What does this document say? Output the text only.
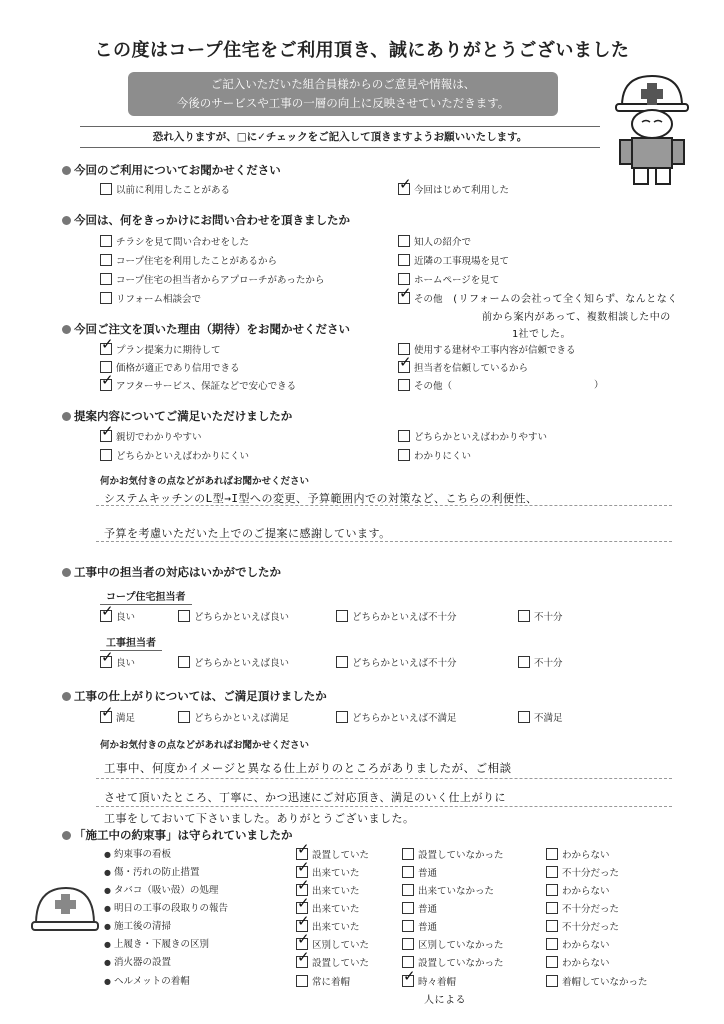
この度はコープ住宅をご利用頂き、誠にありがとうございました
ご記入いただいた組合員様からのご意見や情報は、
今後のサービスや工事の一層の向上に反映させていただきます。
恐れ入りますが、□に✓チェックをご記入して頂きますようお願いいたします。
今回のご利用についてお聞かせください
以前に利用したことがある ✓	今回はじめて利用した
今回は、何をきっかけにお問い合わせを頂きましたか
チラシを見て問い合わせをした	知人の紹介で
コープ住宅を利用したことがあるから	近隣の工事現場を見て
コープ住宅の担当者からアプローチがあったから	ホームページを見て
リフォーム相談会で ✓	その他 (リフォームの会社って全く知らず、なんとなく
前から案内があって、複数相談した中の
1社でした。
今回ご注文を頂いた理由（期待）をお聞かせください
✓プラン提案力に期待して	使用する建材や工事内容が信頼できる
価格が適正であり信用できる ✓	担当者を信頼しているから
✓アフターサービス、保証などで安心できる	その他（	）
提案内容についてご満足いただけましたか
✓親切でわかりやすい	どちらかといえばわかりやすい
どちらかといえばわかりにくい	わかりにくい
何かお気付きの点などがあればお聞かせください
システムキッチンのL型→I型への変更、予算範囲内での対策など、こちらの利便性、
予算を考慮いただいた上でのご提案に感謝しています。
工事中の担当者の対応はいかがでしたか
コープ住宅担当者
✓良い	どちらかといえば良い	どちらかといえば不十分	不十分
工事担当者
✓良い	どちらかといえば良い	どちらかといえば不十分	不十分
工事の仕上がりについては、ご満足頂けましたか
✓満足	どちらかといえば満足	どちらかといえば不満足	不満足
何かお気付きの点などがあればお聞かせください
工事中、何度かイメージと異なる仕上がりのところがありましたが、ご相談
させて頂いたところ、丁寧に、かつ迅速にご対応頂き、満足のいく仕上がりに
工事をしておいて下さいました。ありがとうございました。
「施工中の約束事」は守られていましたか
● 約束事の看板 ✓	設置していた	設置していなかった	わからない
● 傷・汚れの防止措置 ✓	出来ていた	普通	不十分だった
● タバコ（吸い殻）の処理 ✓	出来ていた	出来ていなかった	わからない
● 明日の工事の段取りの報告 ✓	出来ていた	普通	不十分だった
● 施工後の清掃 ✓	出来ていた	普通	不十分だった
● 上履き・下履きの区別 ✓	区別していた	区別していなかった	わからない
● 消火器の設置 ✓	設置していた	設置していなかった	わからない
● ヘルメットの着帽	常に着帽 ✓	時々着帽	着帽していなかった
人による
